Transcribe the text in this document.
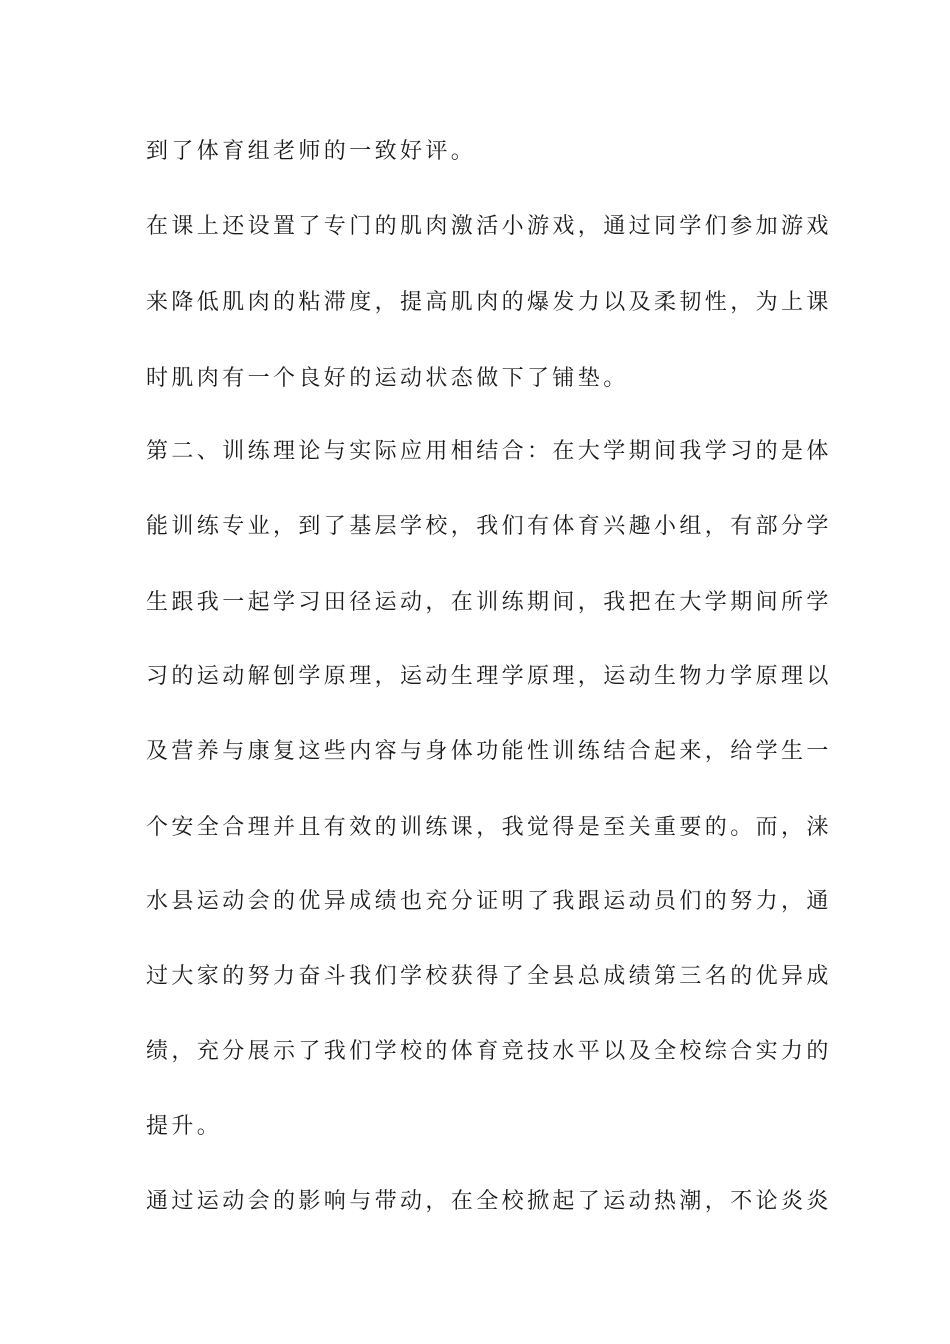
到了体育组老师的一致好评。
在课上还设置了专门的肌肉激活小游戏，通过同学们参加游戏
来降低肌肉的粘滞度，提高肌肉的爆发力以及柔韧性，为上课
时肌肉有一个良好的运动状态做下了铺垫。
第二、训练理论与实际应用相结合：在大学期间我学习的是体
能训练专业，到了基层学校，我们有体育兴趣小组，有部分学
生跟我一起学习田径运动，在训练期间，我把在大学期间所学
习的运动解刨学原理，运动生理学原理，运动生物力学原理以
及营养与康复这些内容与身体功能性训练结合起来，给学生一
个安全合理并且有效的训练课，我觉得是至关重要的。而，涞
水县运动会的优异成绩也充分证明了我跟运动员们的努力，通
过大家的努力奋斗我们学校获得了全县总成绩第三名的优异成
绩，充分展示了我们学校的体育竞技水平以及全校综合实力的
提升。
通过运动会的影响与带动，在全校掀起了运动热潮，不论炎炎
